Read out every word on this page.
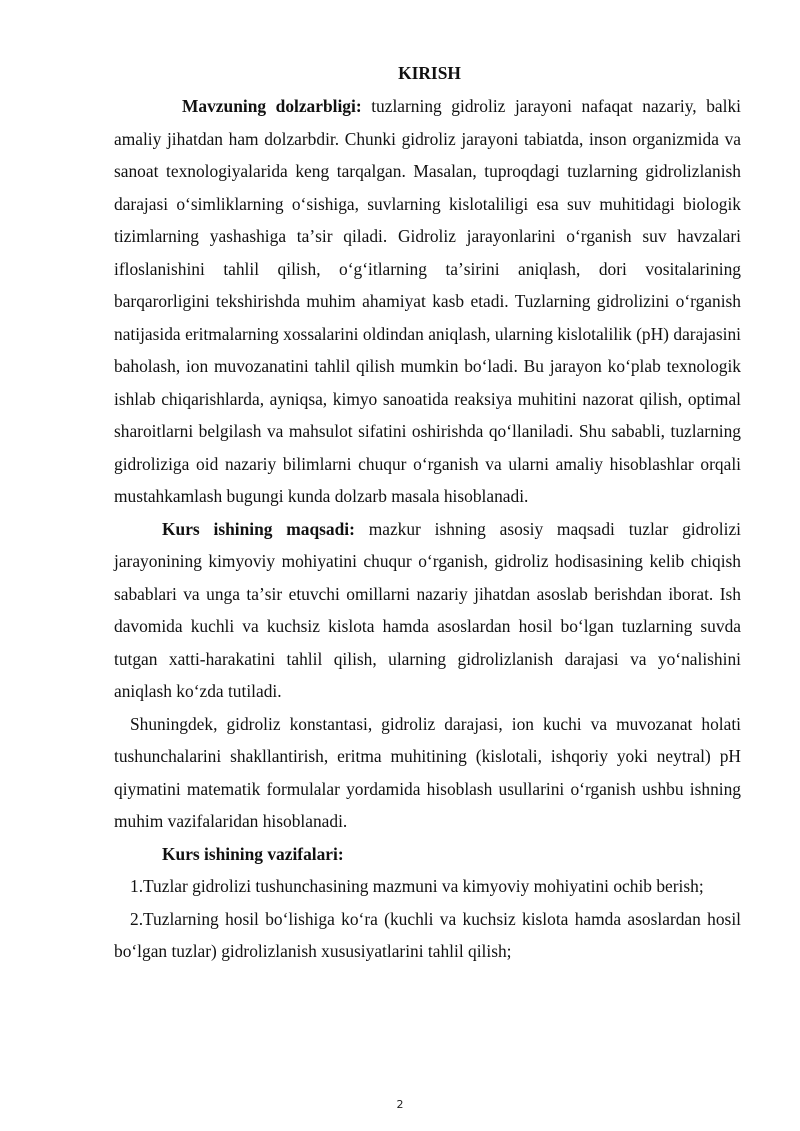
KIRISH

Mavzuning dolzarbligi: tuzlarning gidroliz jarayoni nafaqat nazariy, balki amaliy jihatdan ham dolzarbdir. Chunki gidroliz jarayoni tabiatda, inson organizmida va sanoat texnologiyalarida keng tarqalgan. Masalan, tuproqdagi tuzlarning gidrolizlanish darajasi oʻsimliklarning oʻsishiga, suvlarning kislotaliligi esa suv muhitidagi biologik tizimlarning yashashiga taʼsir qiladi. Gidroliz jarayonlarini oʻrganish suv havzalari ifloslanishini tahlil qilish, oʻgʻitlarning taʼsirini aniqlash, dori vositalarining barqarorligini tekshirishda muhim ahamiyat kasb etadi. Tuzlarning gidrolizini oʻrganish natijasida eritmalarning xossalarini oldindan aniqlash, ularning kislotalilik (pH) darajasini baholash, ion muvozanatini tahlil qilish mumkin boʻladi. Bu jarayon koʻplab texnologik ishlab chiqarishlarda, ayniqsa, kimyo sanoatida reaksiya muhitini nazorat qilish, optimal sharoitlarni belgilash va mahsulot sifatini oshirishda qoʻllaniladi. Shu sababli, tuzlarning gidroliziga oid nazariy bilimlarni chuqur oʻrganish va ularni amaliy hisoblashlar orqali mustahkamlash bugungi kunda dolzarb masala hisoblanadi.

Kurs ishining maqsadi: mazkur ishning asosiy maqsadi tuzlar gidrolizi jarayonining kimyoviy mohiyatini chuqur oʻrganish, gidroliz hodisasining kelib chiqish sabablari va unga taʼsir etuvchi omillarni nazariy jihatdan asoslab berishdan iborat. Ish davomida kuchli va kuchsiz kislota hamda asoslardan hosil boʻlgan tuzlarning suvda tutgan xatti-harakatini tahlil qilish, ularning gidrolizlanish darajasi va yoʻnalishini aniqlash koʻzda tutiladi.

Shuningdek, gidroliz konstantasi, gidroliz darajasi, ion kuchi va muvozanat holati tushunchalarini shakllantirish, eritma muhitining (kislotali, ishqoriy yoki neytral) pH qiymatini matematik formulalar yordamida hisoblash usullarini oʻrganish ushbu ishning muhim vazifalaridan hisoblanadi.

Kurs ishining vazifalari:

1.Tuzlar gidrolizi tushunchasining mazmuni va kimyoviy mohiyatini ochib berish;

2.Tuzlarning hosil boʻlishiga koʻra (kuchli va kuchsiz kislota hamda asoslardan hosil boʻlgan tuzlar) gidrolizlanish xususiyatlarini tahlil qilish;

2
